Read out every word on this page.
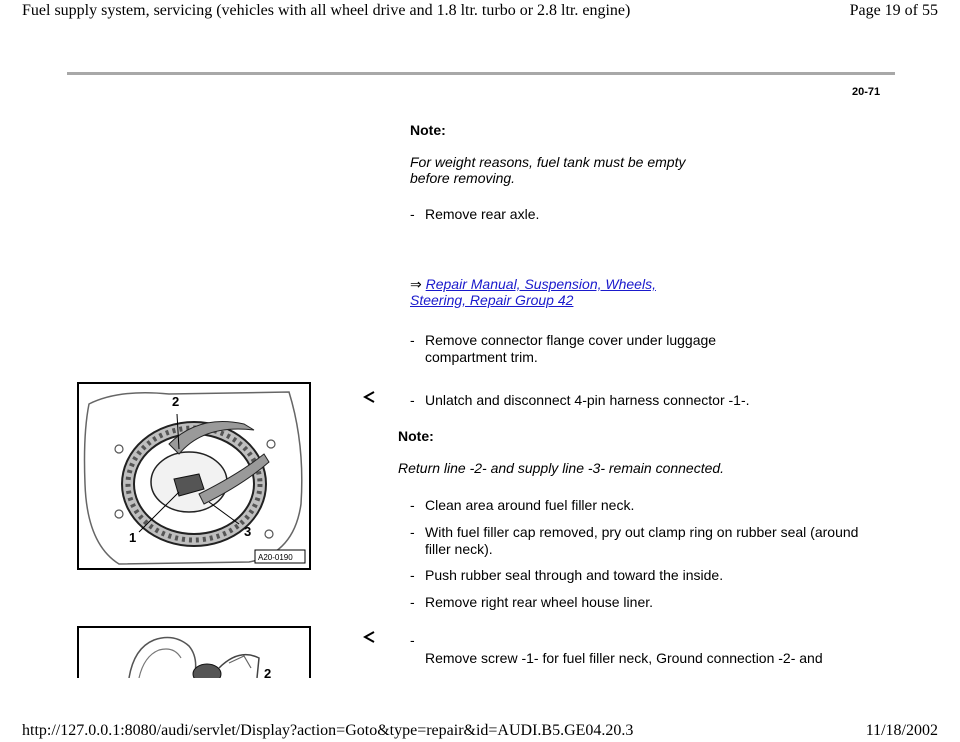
Fuel supply system, servicing (vehicles with all wheel drive and 1.8 ltr. turbo or 2.8 ltr. engine)	Page 19 of 55
20-71
Note:
For weight reasons, fuel tank must be empty
before removing.
- Remove rear axle.
⇒ Repair Manual, Suspension, Wheels,
Steering, Repair Group 42
- Remove connector flange cover under luggage
compartment trim.
1
2
3
A20-0190
- Unlatch and disconnect 4-pin harness connector -1-.
Note:
Return line -2- and supply line -3- remain connected.
- Clean area around fuel filler neck.
- With fuel filler cap removed, pry out clamp ring on rubber seal (around
filler neck).
- Push rubber seal through and toward the inside.
- Remove right rear wheel house liner.
2
-
Remove screw -1- for fuel filler neck, Ground connection -2- and
http://127.0.0.1:8080/audi/servlet/Display?action=Goto&type=repair&id=AUDI.B5.GE04.20.3	11/18/2002
